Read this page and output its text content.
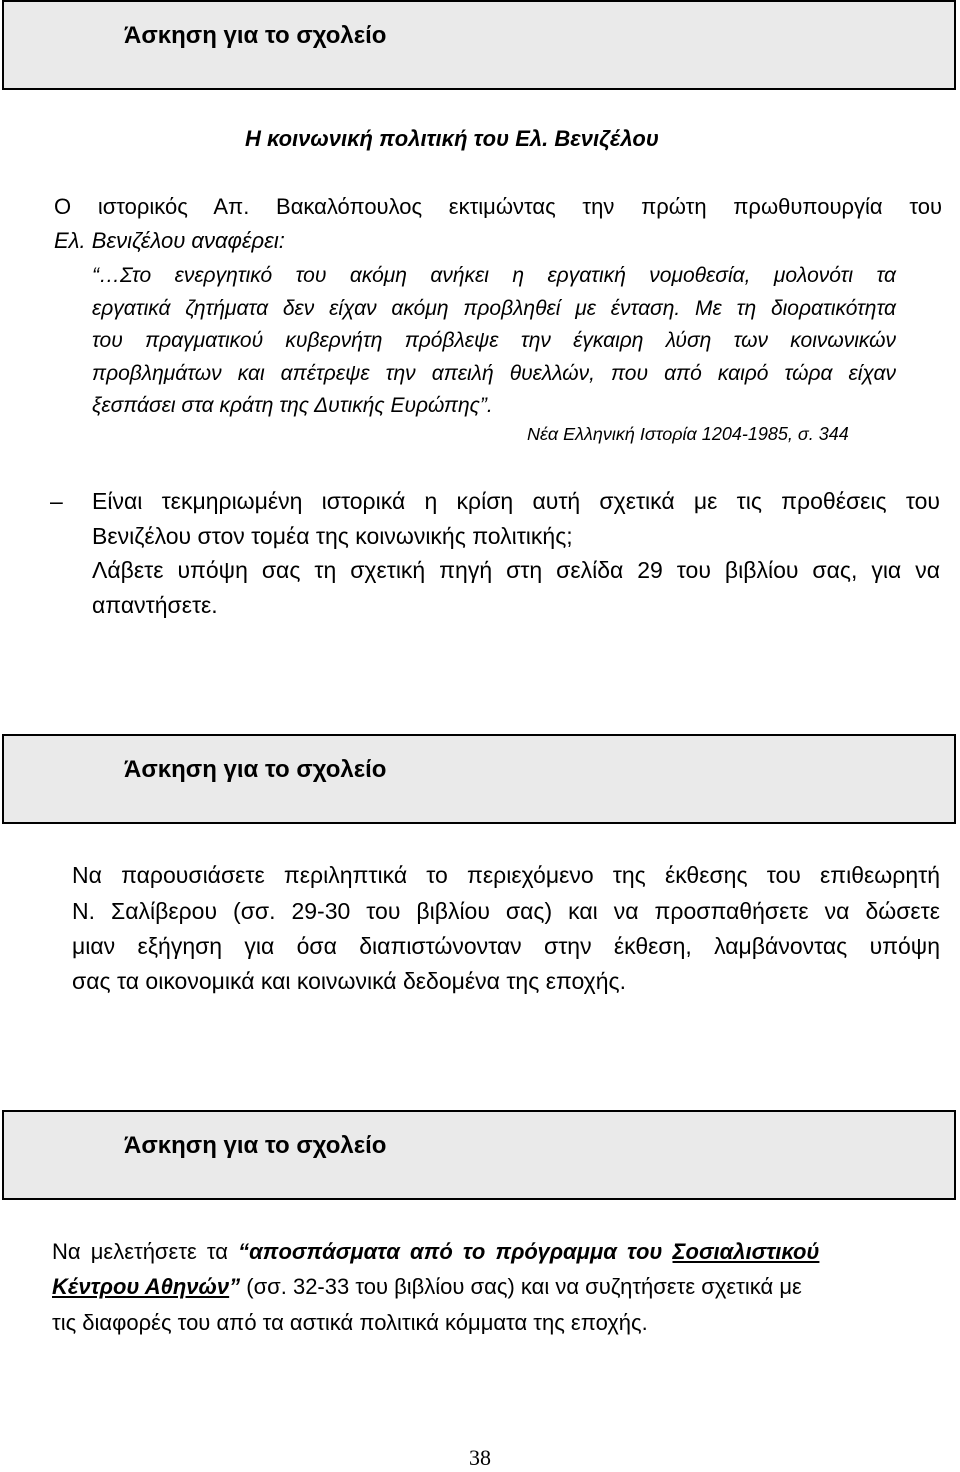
Άσκηση για το σχολείο
Η κοινωνική πολιτική του Ελ. Βενιζέλου
Ο ιστορικός Απ. Βακαλόπουλος εκτιμώντας την πρώτη πρωθυπουργία του
Ελ. Βενιζέλου αναφέρει:
“…Στο ενεργητικό του ακόμη ανήκει η εργατική νομοθεσία, μολονότι τα
εργατικά ζητήματα δεν είχαν ακόμη προβληθεί με ένταση. Με τη διορατικότητα
του πραγματικού κυβερνήτη πρόβλεψε την έγκαιρη λύση των κοινωνικών
προβλημάτων και απέτρεψε την απειλή θυελλών, που από καιρό τώρα είχαν
ξεσπάσει στα κράτη της Δυτικής Ευρώπης”.
Νέα Ελληνική Ιστορία 1204-1985, σ. 344
– Είναι τεκμηριωμένη ιστορικά η κρίση αυτή σχετικά με τις προθέσεις του
Βενιζέλου στον τομέα της κοινωνικής πολιτικής;
Λάβετε υπόψη σας τη σχετική πηγή στη σελίδα 29 του βιβλίου σας, για να
απαντήσετε.
Άσκηση για το σχολείο
Να παρουσιάσετε περιληπτικά το περιεχόμενο της έκθεσης του επιθεωρητή
Ν. Σαλίβερου (σσ. 29-30 του βιβλίου σας) και να προσπαθήσετε να δώσετε
μιαν εξήγηση για όσα διαπιστώνονταν στην έκθεση, λαμβάνοντας υπόψη
σας τα οικονομικά και κοινωνικά δεδομένα της εποχής.
Άσκηση για το σχολείο
Να μελετήσετε τα “αποσπάσματα από το πρόγραμμα του Σοσιαλιστικού
Κέντρου Αθηνών” (σσ. 32-33 του βιβλίου σας) και να συζητήσετε σχετικά με
τις διαφορές του από τα αστικά πολιτικά κόμματα της εποχής.
38
